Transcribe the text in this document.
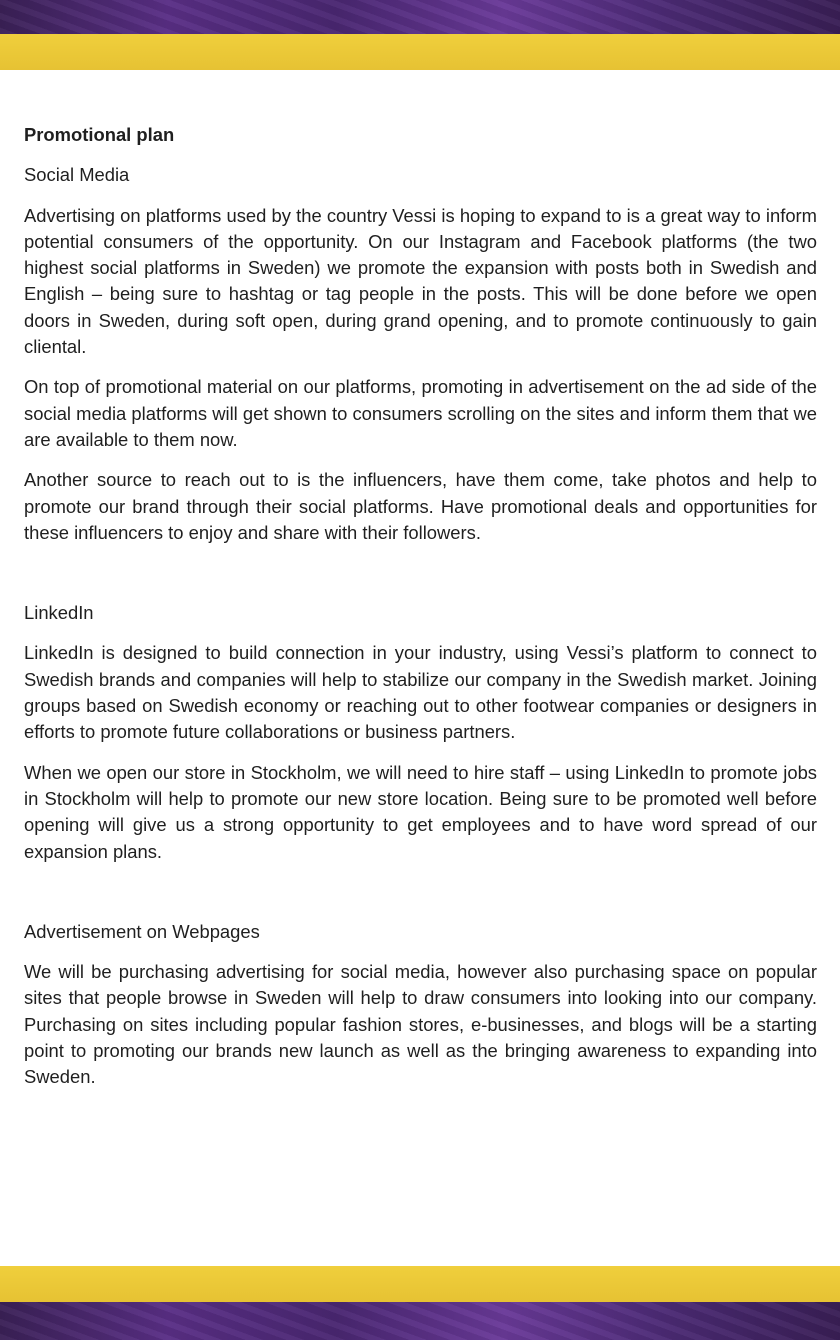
Promotional plan

Social Media

Advertising on platforms used by the country Vessi is hoping to expand to is a great way to inform potential consumers of the opportunity. On our Instagram and Facebook platforms (the two highest social platforms in Sweden) we promote the expansion with posts both in Swedish and English – being sure to hashtag or tag people in the posts. This will be done before we open doors in Sweden, during soft open, during grand opening, and to promote continuously to gain cliental.

On top of promotional material on our platforms, promoting in advertisement on the ad side of the social media platforms will get shown to consumers scrolling on the sites and inform them that we are available to them now.

Another source to reach out to is the influencers, have them come, take photos and help to promote our brand through their social platforms. Have promotional deals and opportunities for these influencers to enjoy and share with their followers.

LinkedIn

LinkedIn is designed to build connection in your industry, using Vessi’s platform to connect to Swedish brands and companies will help to stabilize our company in the Swedish market. Joining groups based on Swedish economy or reaching out to other footwear companies or designers in efforts to promote future collaborations or business partners.

When we open our store in Stockholm, we will need to hire staff – using LinkedIn to promote jobs in Stockholm will help to promote our new store location. Being sure to be promoted well before opening will give us a strong opportunity to get employees and to have word spread of our expansion plans.

Advertisement on Webpages

We will be purchasing advertising for social media, however also purchasing space on popular sites that people browse in Sweden will help to draw consumers into looking into our company. Purchasing on sites including popular fashion stores, e-businesses, and blogs will be a starting point to promoting our brands new launch as well as the bringing awareness to expanding into Sweden.
